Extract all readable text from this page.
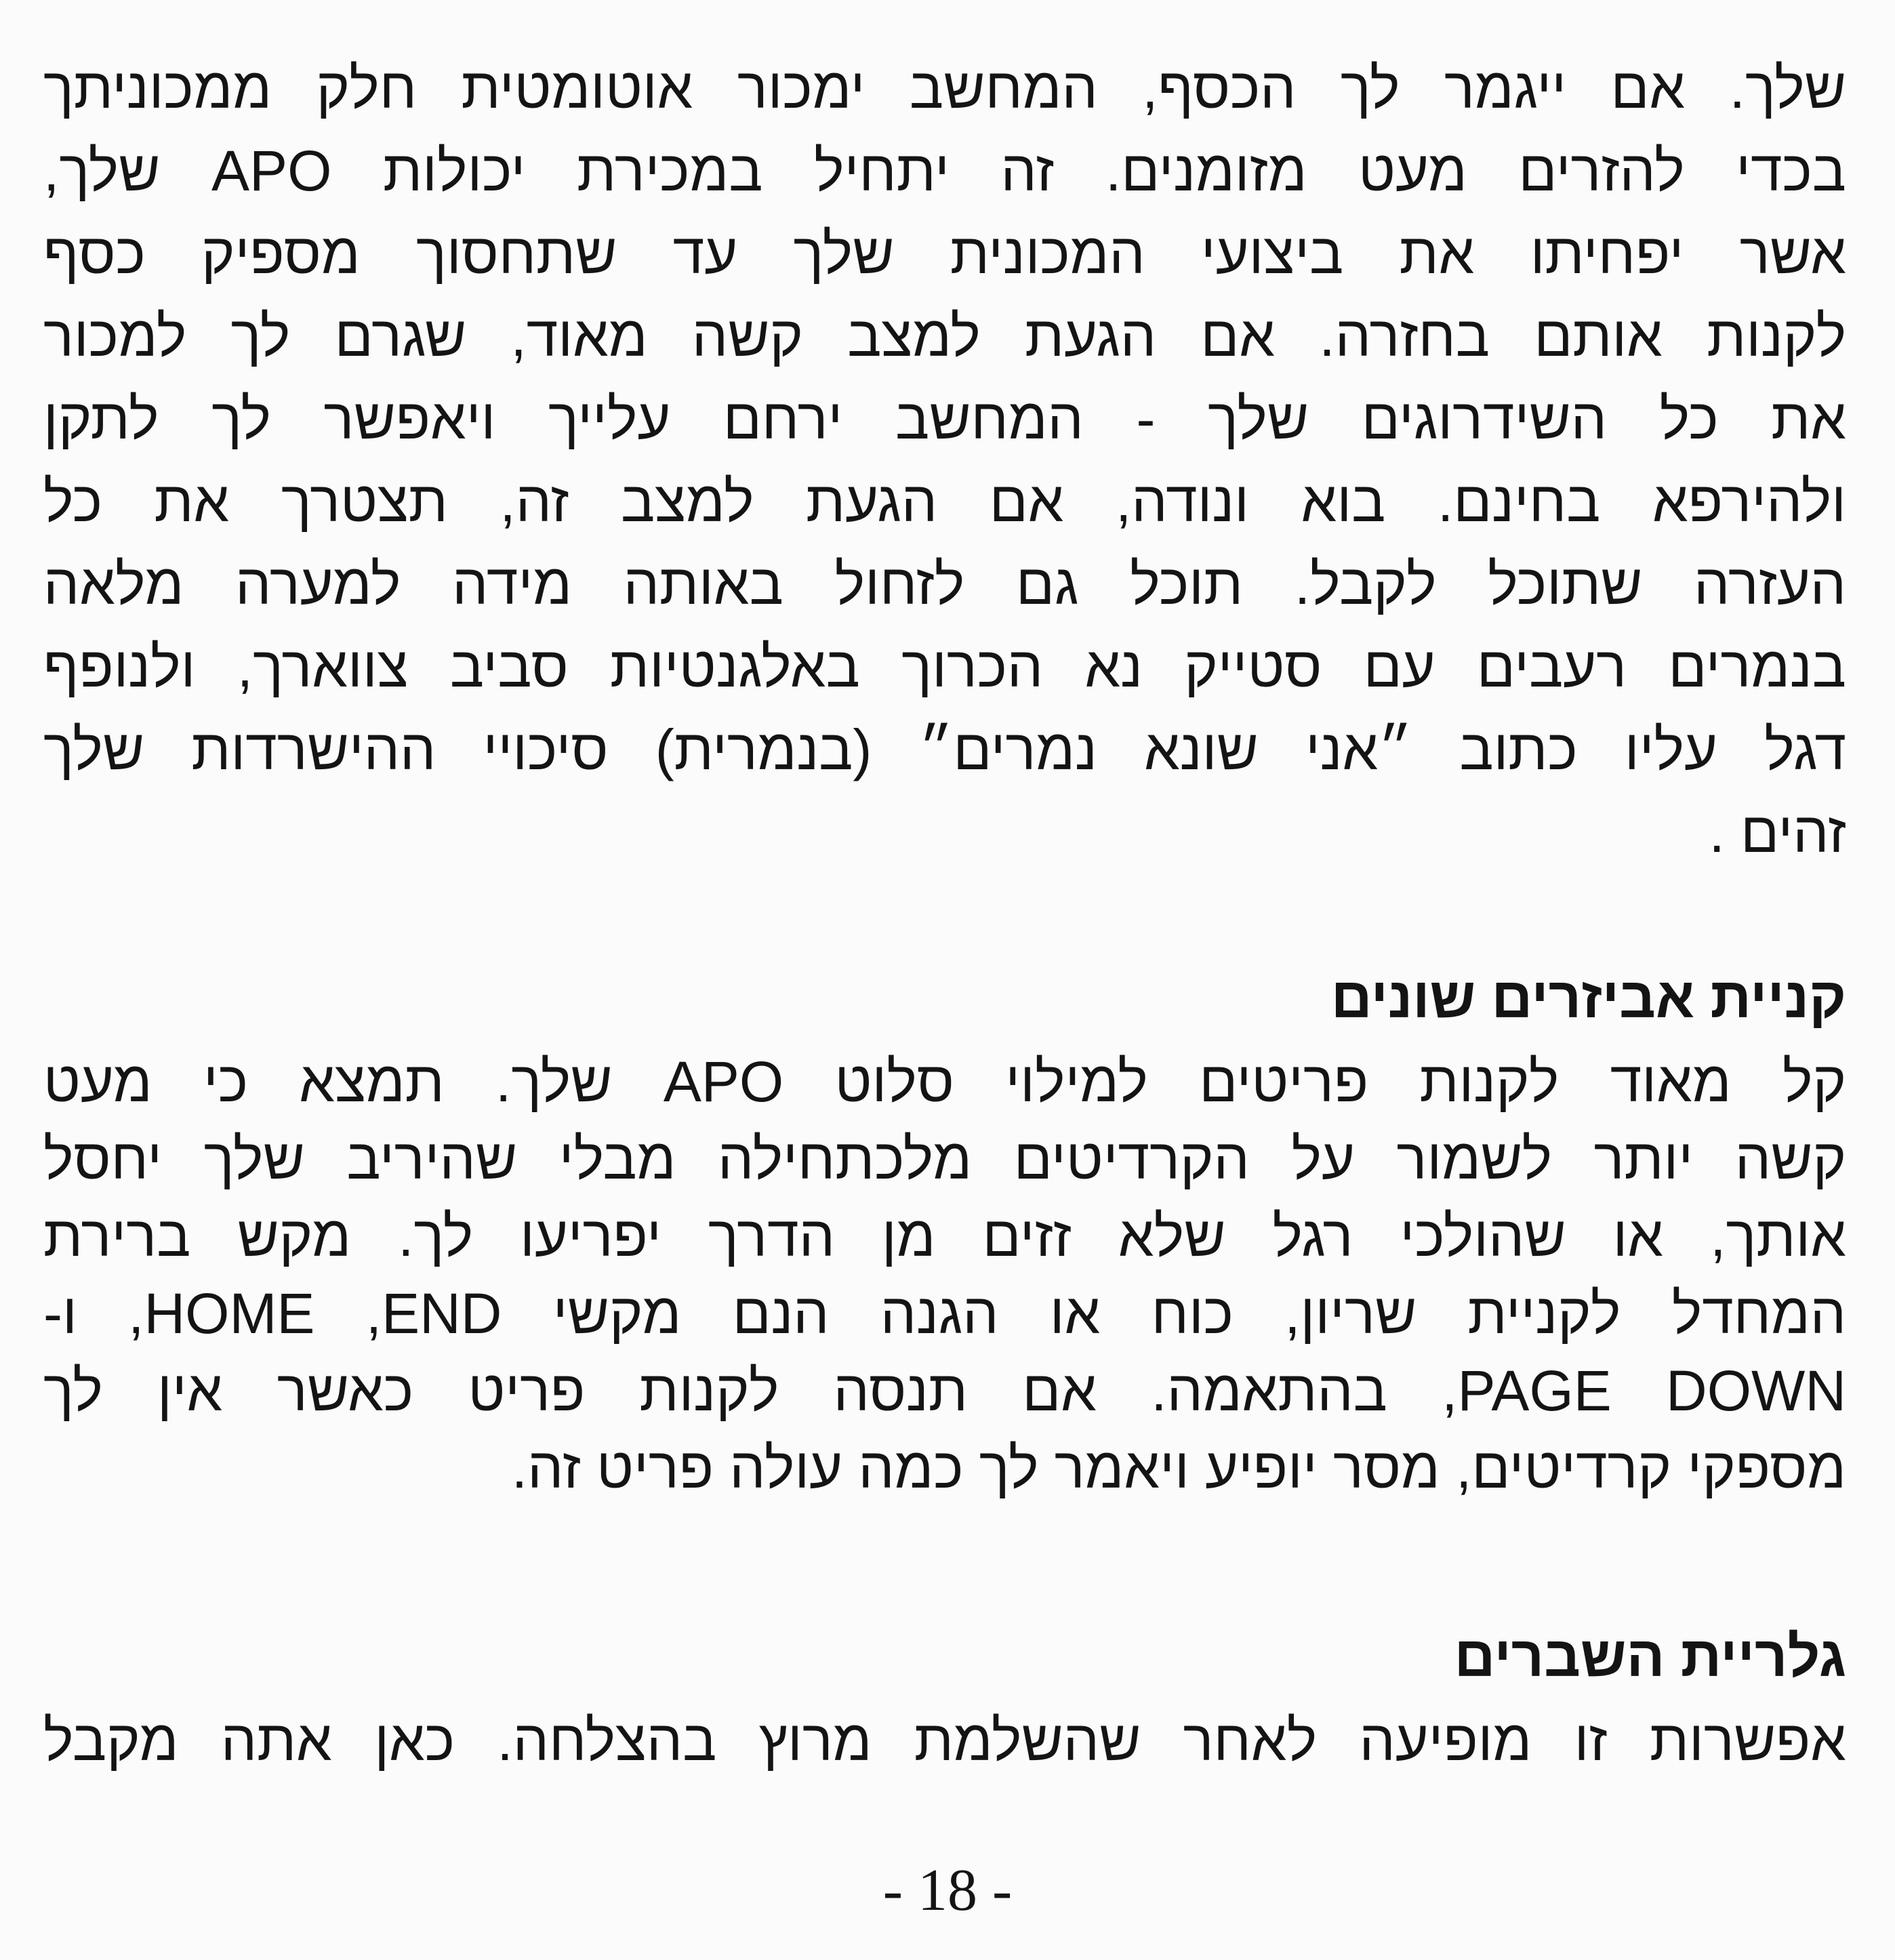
שלך. אם ייגמר לך הכסף, המחשב ימכור אוטומטית חלק ממכוניתך
בכדי להזרים מעט מזומנים. זה יתחיל במכירת יכולות APO שלך,
אשר יפחיתו את ביצועי המכונית שלך עד שתחסוך מספיק כסף
לקנות אותם בחזרה. אם הגעת למצב קשה מאוד, שגרם לך למכור
את כל השידרוגים שלך - המחשב ירחם עלייך ויאפשר לך לתקן
ולהירפא בחינם. בוא ונודה, אם הגעת למצב זה, תצטרך את כל
העזרה שתוכל לקבל. תוכל גם לזחול באותה מידה למערה מלאה
בנמרים רעבים עם סטייק נא הכרוך באלגנטיות סביב צווארך, ולנופף
דגל עליו כתוב ״אני שונא נמרים״ (בנמרית) סיכויי ההישרדות שלך
זהים .
קניית אביזרים שונים
קל מאוד לקנות פריטים למילוי סלוט APO שלך. תמצא כי מעט
קשה יותר לשמור על הקרדיטים מלכתחילה מבלי שהיריב שלך יחסל
אותך, או שהולכי רגל שלא זזים מן הדרך יפריעו לך. מקש ברירת
המחדל לקניית שריון, כוח או הגנה הנם מקשי HOME ,END, ו-
PAGE DOWN, בהתאמה. אם תנסה לקנות פריט כאשר אין לך
מספקי קרדיטים, מסר יופיע ויאמר לך כמה עולה פריט זה.
גלריית השברים
אפשרות זו מופיעה לאחר שהשלמת מרוץ בהצלחה. כאן אתה מקבל
- 18 -
